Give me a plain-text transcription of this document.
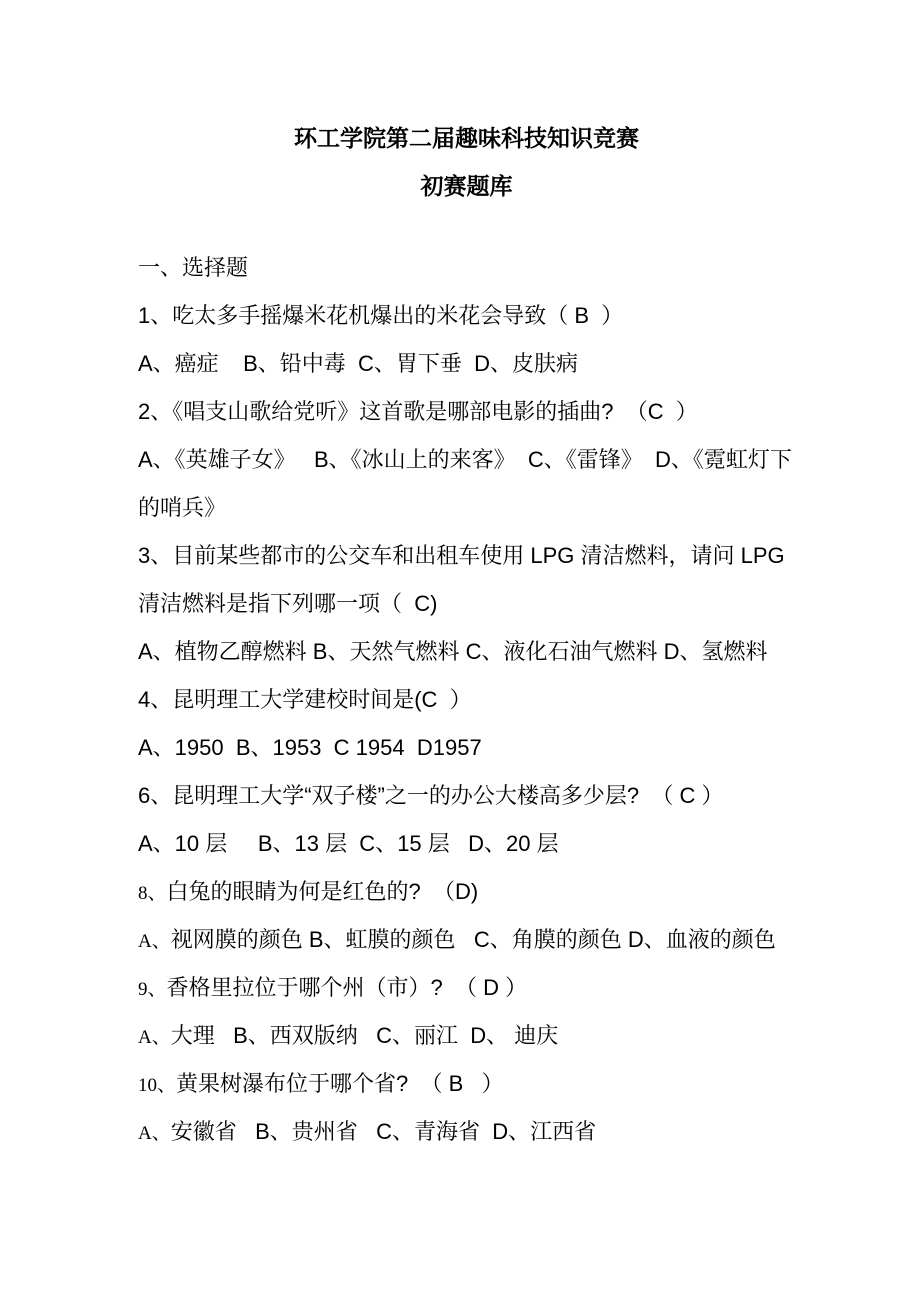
环工学院第二届趣味科技知识竞赛
初赛题库
一、选择题
1、吃太多手摇爆米花机爆出的米花会导致（ B  ）
A、癌症    B、铅中毒  C、胃下垂  D、皮肤病
2、《唱支山歌给党听》这首歌是哪部电影的插曲?  （C  ）
A、《英雄子女》   B、《冰山上的来客》  C、《雷锋》  D、《霓虹灯下
的哨兵》
3、目前某些都市的公交车和出租车使用 LPG 清洁燃料，请问 LPG
清洁燃料是指下列哪一项（  C)
A、植物乙醇燃料 B、天然气燃料 C、液化石油气燃料 D、氢燃料
4、昆明理工大学建校时间是(C  ）
A、1950  B、1953  C 1954  D1957
6、昆明理工大学“双子楼”之一的办公大楼高多少层?  （ C ）
A、10 层     B、13 层  C、15 层   D、20 层
8、白兔的眼睛为何是红色的?  （D)
A、视网膜的颜色 B、虹膜的颜色   C、角膜的颜色 D、血液的颜色
9、香格里拉位于哪个州（市）?  （ D ）
A、大理   B、西双版纳   C、丽江  D、 迪庆
10、黄果树瀑布位于哪个省?  （ B   ）
A、安徽省   B、贵州省   C、青海省  D、江西省
